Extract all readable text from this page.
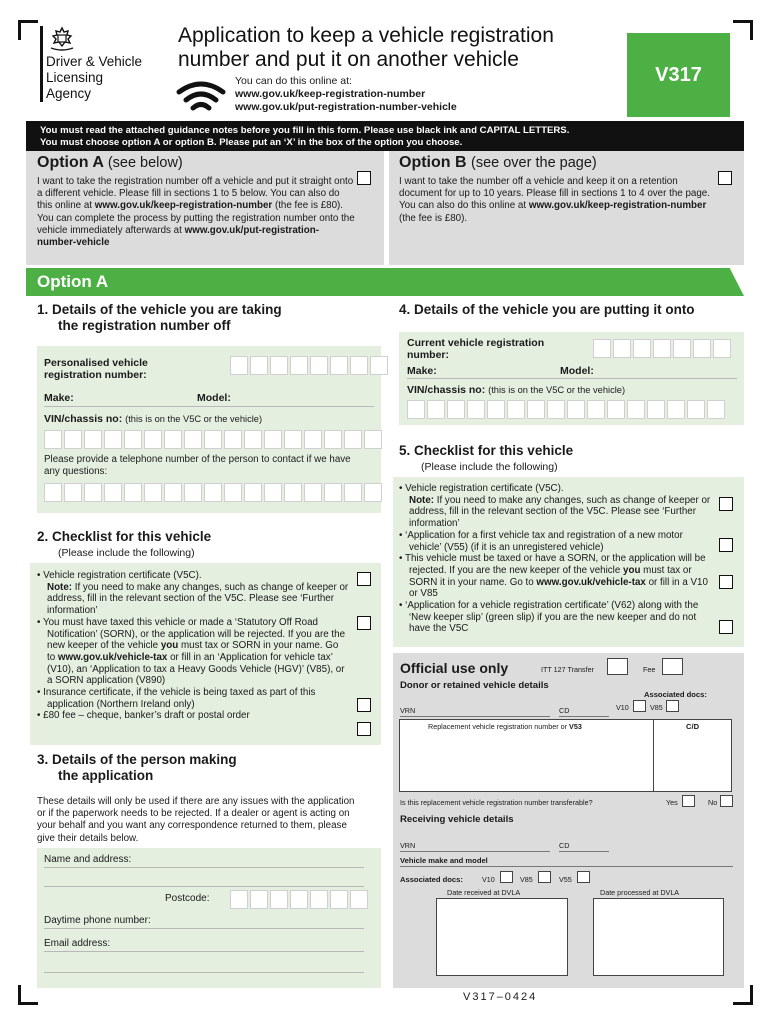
Driver & Vehicle
Licensing
Agency
Application to keep a vehicle registration
number and put it on another vehicle
You can do this online at:
www.gov.uk/keep-registration-number
www.gov.uk/put-registration-number-vehicle
V317
You must read the attached guidance notes before you fill in this form. Please use black ink and CAPITAL LETTERS.
You must choose option A or option B. Please put an ‘X’ in the box of the option you choose.
Option A (see below)
I want to take the registration number off a vehicle and put it straight onto a different vehicle. Please fill in sections 1 to 5 below. You can also do this online at www.gov.uk/keep-registration-number (the fee is £80). You can complete the process by putting the registration number onto the vehicle immediately afterwards at www.gov.uk/put-registration-number-vehicle
Option B (see over the page)
I want to take the number off a vehicle and keep it on a retention document for up to 10 years. Please fill in sections 1 to 4 over the page. You can also do this online at www.gov.uk/keep-registration-number (the fee is £80).
Option A
1. Details of the vehicle you are taking
the registration number off
Personalised vehicle registration number:
Make:	Model:
VIN/chassis no: (this is on the V5C or the vehicle)
Please provide a telephone number of the person to contact if we have any questions:
2. Checklist for this vehicle
(Please include the following)
• Vehicle registration certificate (V5C).
Note: If you need to make any changes, such as change of keeper or address, fill in the relevant section of the V5C. Please see ‘Further information’
• You must have taxed this vehicle or made a ‘Statutory Off Road Notification’ (SORN), or the application will be rejected. If you are the new keeper of the vehicle you must tax or SORN in your name. Go to www.gov.uk/vehicle-tax or fill in an ‘Application for vehicle tax’ (V10), an ‘Application to tax a Heavy Goods Vehicle (HGV)’ (V85), or a SORN application (V890)
• Insurance certificate, if the vehicle is being taxed as part of this application (Northern Ireland only)
• £80 fee – cheque, banker’s draft or postal order
3. Details of the person making
the application
These details will only be used if there are any issues with the application or if the paperwork needs to be rejected. If a dealer or agent is acting on your behalf and you want any correspondence returned to them, please give their details below.
Name and address:
Postcode:
Daytime phone number:
Email address:
4. Details of the vehicle you are putting it onto
Current vehicle registration number:
Make:	Model:
VIN/chassis no: (this is on the V5C or the vehicle)
5. Checklist for this vehicle
(Please include the following)
• Vehicle registration certificate (V5C).
Note: If you need to make any changes, such as change of keeper or address, fill in the relevant section of the V5C. Please see ‘Further information’
• ‘Application for a first vehicle tax and registration of a new motor vehicle’ (V55) (if it is an unregistered vehicle)
• This vehicle must be taxed or have a SORN, or the application will be rejected. If you are the new keeper of the vehicle you must tax or SORN it in your name. Go to www.gov.uk/vehicle-tax or fill in a V10 or V85
• ‘Application for a vehicle registration certificate’ (V62) along with the ‘New keeper slip’ (green slip) if you are the new keeper and do not have the V5C
Official use only	ITT 127 Transfer	Fee
Donor or retained vehicle details
Associated docs:
V10	V85
VRN	CD
Replacement vehicle registration number or V53	C/D
Is this replacement vehicle registration number transferable?	Yes	No
Receiving vehicle details
VRN	CD
Vehicle make and model
Associated docs:	V10	V85	V55
Date received at DVLA	Date processed at DVLA
V317–0424
